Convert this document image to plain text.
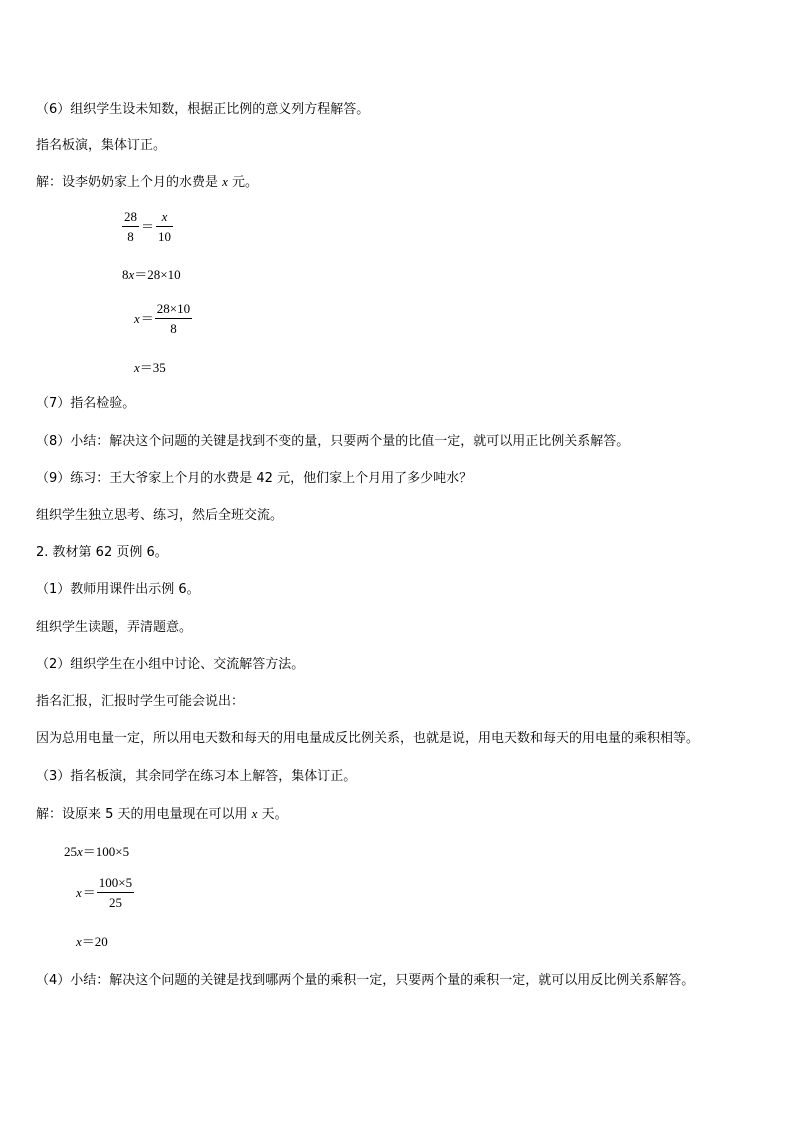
（6）组织学生设未知数，根据正比例的意义列方程解答。
指名板演，集体订正。
解：设李奶奶家上个月的水费是 x 元。
$\frac{28}{8} = \frac{x}{10}$
8x＝28×10
$x= \frac{28\times 10}{8}$
x＝35
（7）指名检验。
（8）小结：解决这个问题的关键是找到不变的量，只要两个量的比值一定，就可以用正比例关系解答。
（9）练习：王大爷家上个月的水费是 42 元，他们家上个月用了多少吨水？
组织学生独立思考、练习，然后全班交流。
2. 教材第 62 页例 6。
（1）教师用课件出示例 6。
组织学生读题，弄清题意。
（2）组织学生在小组中讨论、交流解答方法。
指名汇报，汇报时学生可能会说出：
因为总用电量一定，所以用电天数和每天的用电量成反比例关系，也就是说，用电天数和每天的用电量的乘积相等。
（3）指名板演，其余同学在练习本上解答，集体订正。
解：设原来 5 天的用电量现在可以用 x 天。
25x＝100×5
$x= \frac{100\times 5}{25}$
x＝20
（4）小结：解决这个问题的关键是找到哪两个量的乘积一定，只要两个量的乘积一定，就可以用反比例关系解答。
